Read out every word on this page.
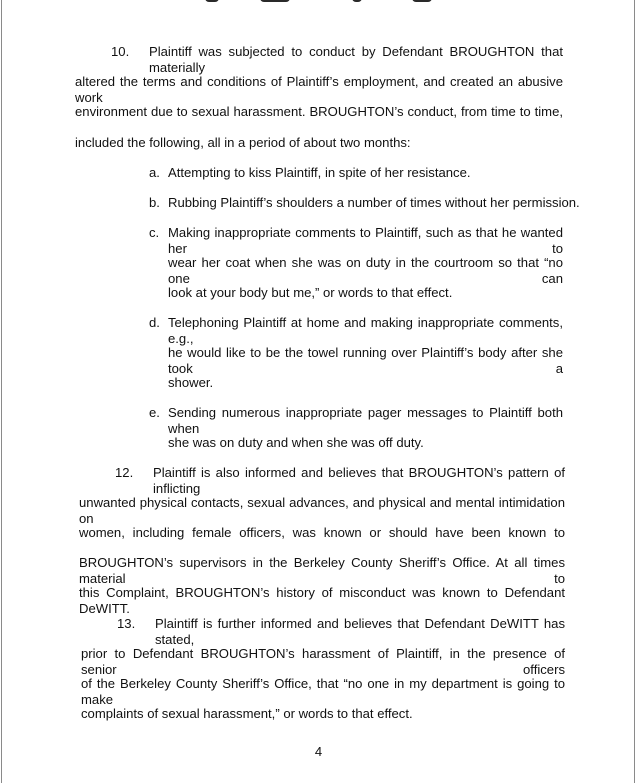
10. Plaintiff was subjected to conduct by Defendant BROUGHTON that materially
altered the terms and conditions of Plaintiff’s employment, and created an abusive work
environment due to sexual harassment. BROUGHTON’s conduct, from time to time,
included the following, all in a period of about two months:
a. Attempting to kiss Plaintiff, in spite of her resistance.
b. Rubbing Plaintiff’s shoulders a number of times without her permission.
c. Making inappropriate comments to Plaintiff, such as that he wanted her to
wear her coat when she was on duty in the courtroom so that “no one can
look at your body but me,” or words to that effect.
d. Telephoning Plaintiff at home and making inappropriate comments, e.g.,
he would like to be the towel running over Plaintiff’s body after she took a
shower.
e. Sending numerous inappropriate pager messages to Plaintiff both when
she was on duty and when she was off duty.
12. Plaintiff is also informed and believes that BROUGHTON’s pattern of inflicting
unwanted physical contacts, sexual advances, and physical and mental intimidation on
women, including female officers, was known or should have been known to
BROUGHTON’s supervisors in the Berkeley County Sheriff’s Office. At all times material to
this Complaint, BROUGHTON’s history of misconduct was known to Defendant DeWITT.
13. Plaintiff is further informed and believes that Defendant DeWITT has stated,
prior to Defendant BROUGHTON’s harassment of Plaintiff, in the presence of senior officers
of the Berkeley County Sheriff’s Office, that “no one in my department is going to make
complaints of sexual harassment,” or words to that effect.
4
